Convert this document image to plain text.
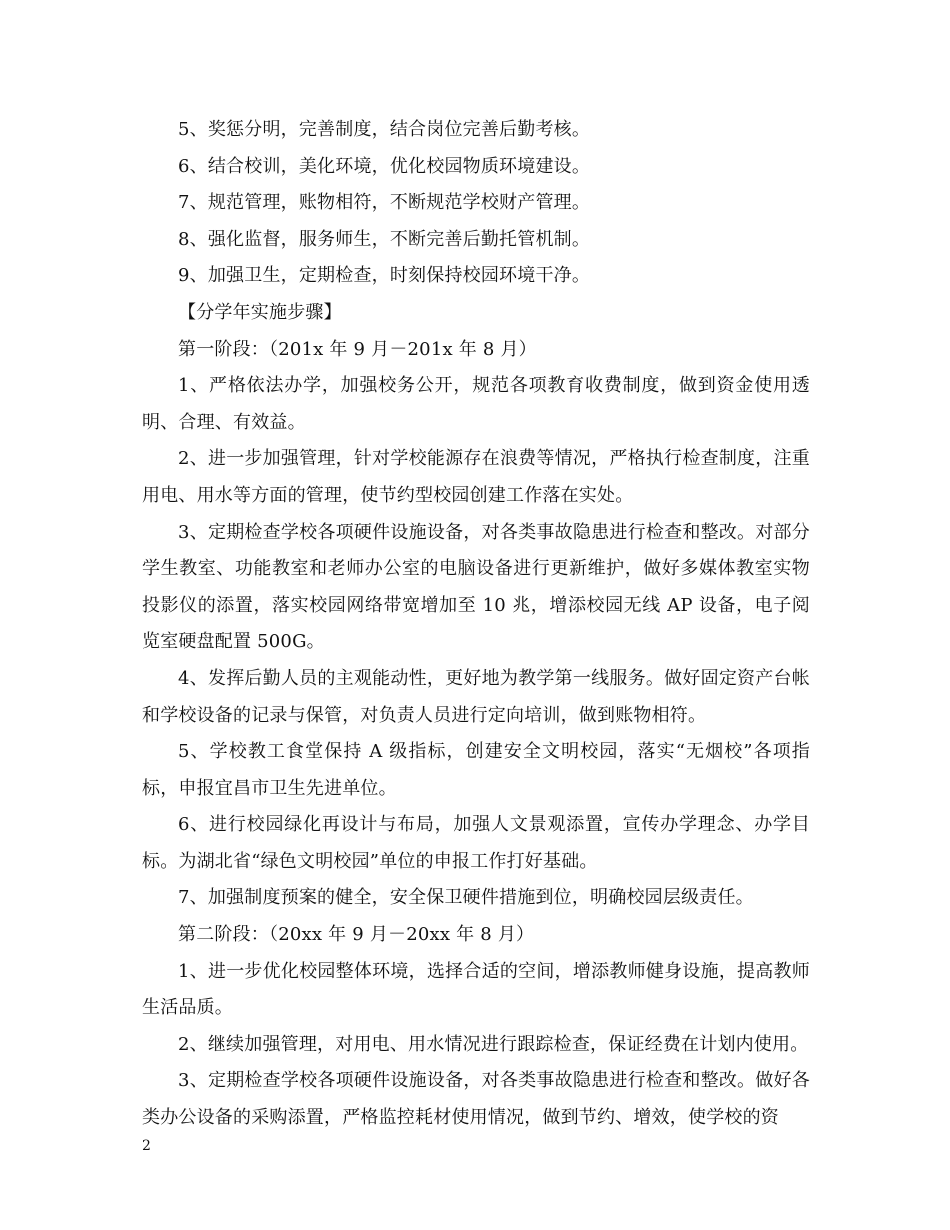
5、奖惩分明，完善制度，结合岗位完善后勤考核。

6、结合校训，美化环境，优化校园物质环境建设。

7、规范管理，账物相符，不断规范学校财产管理。

8、强化监督，服务师生，不断完善后勤托管机制。

9、加强卫生，定期检查，时刻保持校园环境干净。

【分学年实施步骤】

第一阶段：（201x 年 9 月－201x 年 8 月）

1、严格依法办学，加强校务公开，规范各项教育收费制度，做到资金使用透明、合理、有效益。

2、进一步加强管理，针对学校能源存在浪费等情况，严格执行检查制度，注重用电、用水等方面的管理，使节约型校园创建工作落在实处。

3、定期检查学校各项硬件设施设备，对各类事故隐患进行检查和整改。对部分学生教室、功能教室和老师办公室的电脑设备进行更新维护，做好多媒体教室实物投影仪的添置，落实校园网络带宽增加至 10 兆，增添校园无线 AP 设备，电子阅览室硬盘配置 500G。

4、发挥后勤人员的主观能动性，更好地为教学第一线服务。做好固定资产台帐和学校设备的记录与保管，对负责人员进行定向培训，做到账物相符。

5、学校教工食堂保持 A 级指标，创建安全文明校园，落实“无烟校”各项指标，申报宜昌市卫生先进单位。

6、进行校园绿化再设计与布局，加强人文景观添置，宣传办学理念、办学目标。为湖北省“绿色文明校园”单位的申报工作打好基础。

7、加强制度预案的健全，安全保卫硬件措施到位，明确校园层级责任。

第二阶段：（20xx 年 9 月－20xx 年 8 月）

1、进一步优化校园整体环境，选择合适的空间，增添教师健身设施，提高教师生活品质。

2、继续加强管理，对用电、用水情况进行跟踪检查，保证经费在计划内使用。

3、定期检查学校各项硬件设施设备，对各类事故隐患进行检查和整改。做好各类办公设备的采购添置，严格监控耗材使用情况，做到节约、增效，使学校的资

2
